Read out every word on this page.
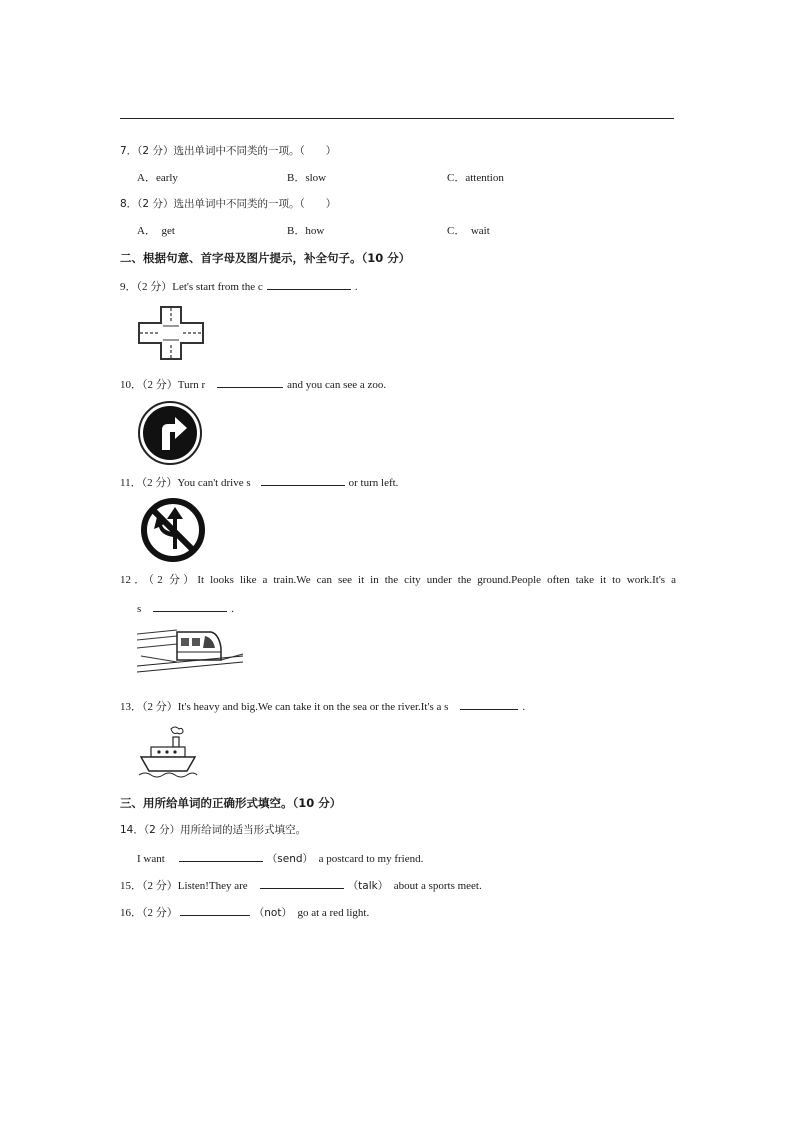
7．（2 分）选出单词中不同类的一项。（　　）
A．early	B．slow	C．attention
8．（2 分）选出单词中不同类的一项。（　　）
A．　get	B．how	C．　wait
二、根据句意、首字母及图片提示，补全句子。（10 分）
9．（2 分）Let's start from the c	.
10．（2 分）Turn r	and you can see a zoo.
11．（2 分）You can't drive s	or turn left.
12．（2 分）It looks like a train.We can see it in the city under the ground.People often take it to work.It's a
s	.
13．（2 分）It's heavy and big.We can take it on the sea or the river.It's a s	.
三、用所给单词的正确形式填空。（10 分）
14．（2 分）用所给词的适当形式填空。
I want	（send） a postcard to my friend.
15．（2 分）Listen!They are	（talk） about a sports meet.
16．（2 分）	（not） go at a red light.
